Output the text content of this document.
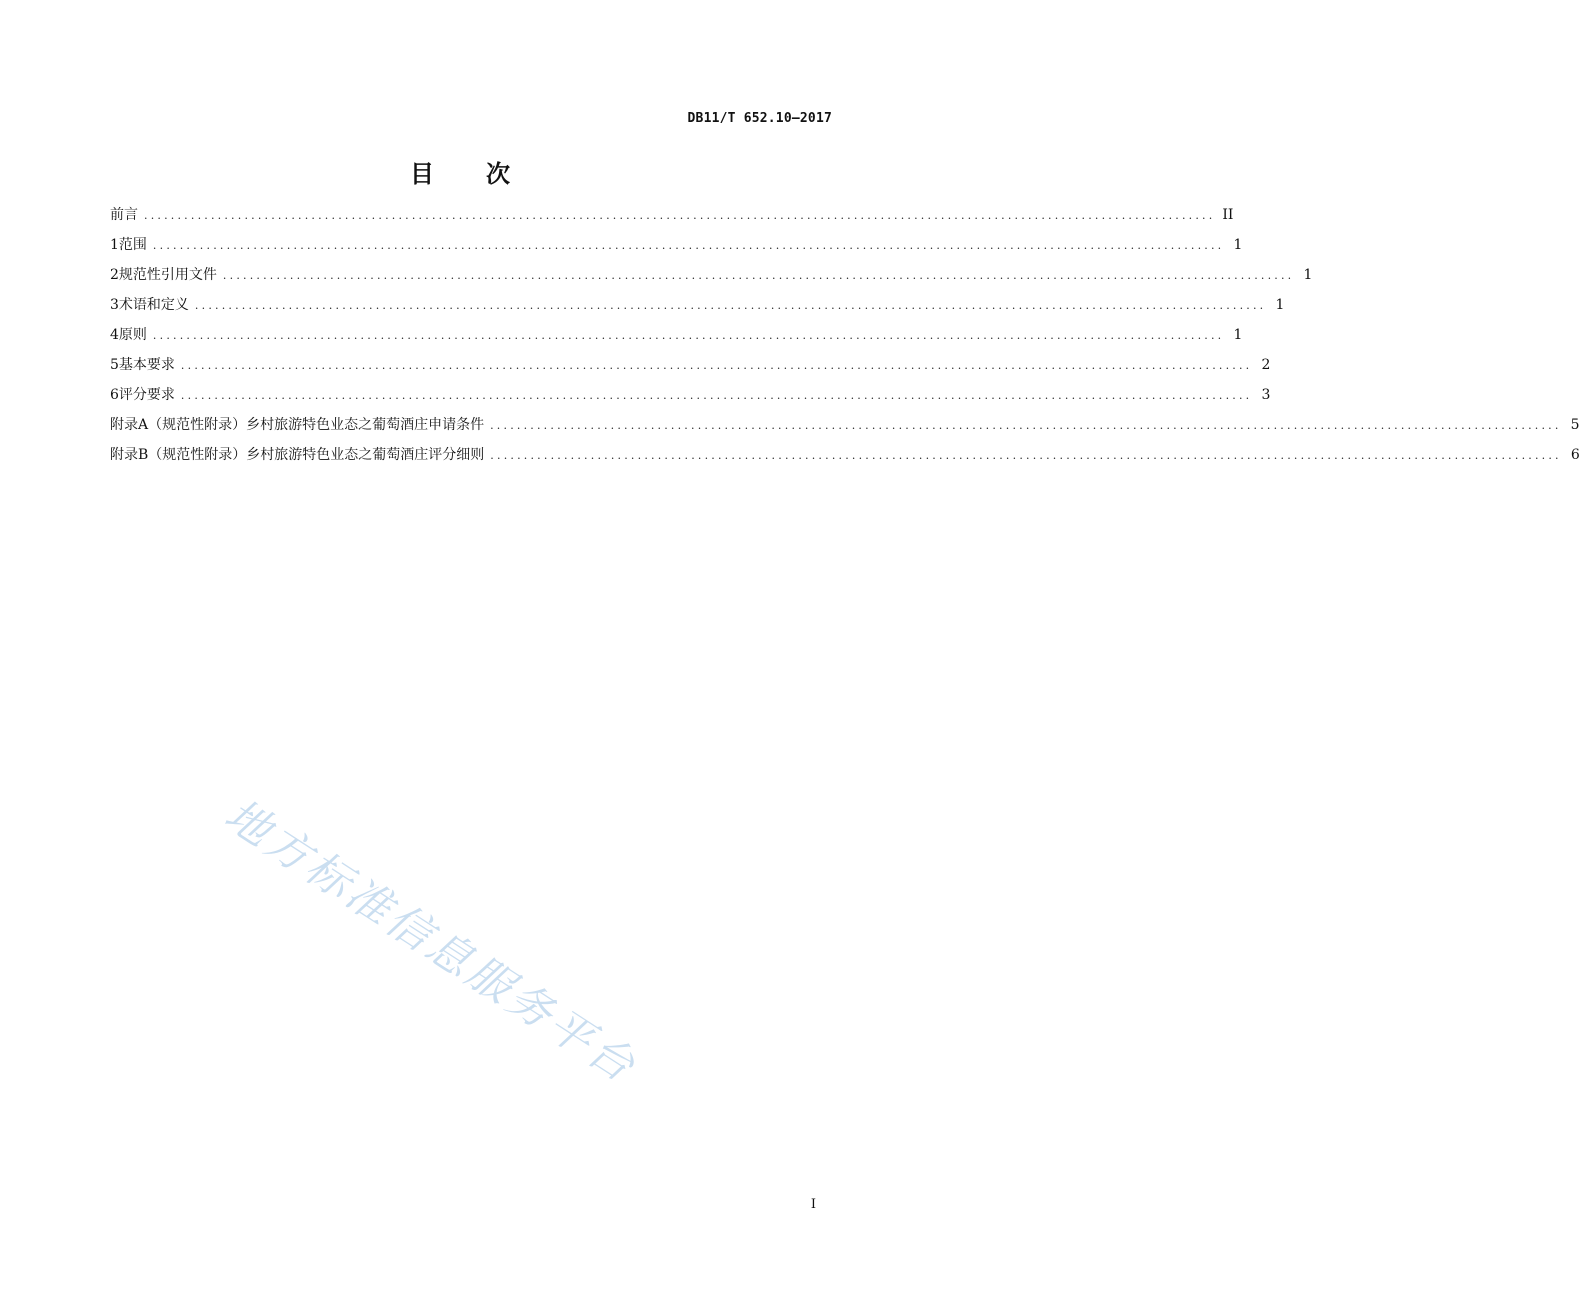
DB11/T 652.10—2017
目 次
前言 ................................................................................................................................................................ II
1 范围 ................................................................................................................................................................ 1
2 规范性引用文件 ................................................................................................................................................................ 1
3 术语和定义 ................................................................................................................................................................ 1
4 原则 ................................................................................................................................................................ 1
5 基本要求 ................................................................................................................................................................ 2
6 评分要求 ................................................................................................................................................................ 3
附录A（规范性附录）乡村旅游特色业态之葡萄酒庄申请条件 ................................................................................................................................................................ 5
附录B（规范性附录）乡村旅游特色业态之葡萄酒庄评分细则 ................................................................................................................................................................ 6
地方标准信息服务平台
I
